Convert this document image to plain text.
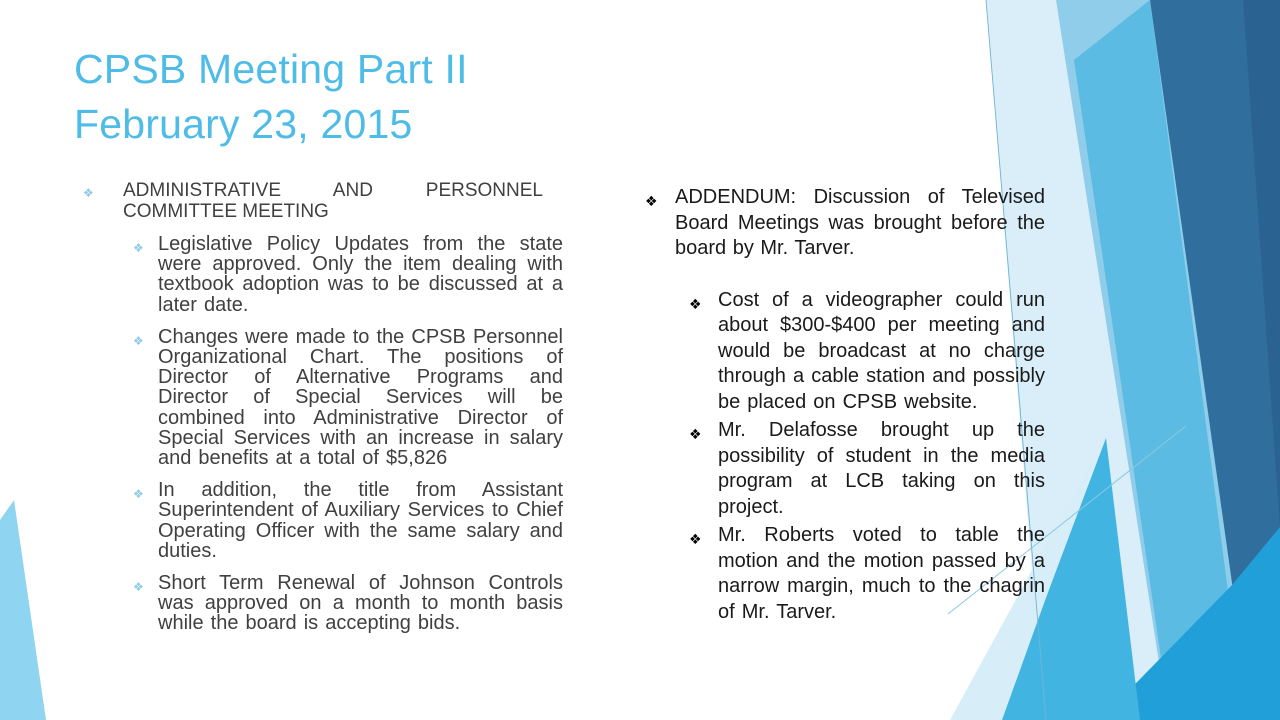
CPSB Meeting Part II
February 23, 2015
❖	ADMINISTRATIVE AND PERSONNEL COMMITTEE MEETING
❖ Legislative Policy Updates from the state were approved. Only the item dealing with textbook adoption was to be discussed at a later date.
❖ Changes were made to the CPSB Personnel Organizational Chart. The positions of Director of Alternative Programs and Director of Special Services will be combined into Administrative Director of Special Services with an increase in salary and benefits at a total of $5,826
❖ In addition, the title from Assistant Superintendent of Auxiliary Services to Chief Operating Officer with the same salary and duties.
❖ Short Term Renewal of Johnson Controls was approved on a month to month basis while the board is accepting bids.
❖ ADDENDUM: Discussion of Televised Board Meetings was brought before the board by Mr. Tarver.
❖ Cost of a videographer could run about $300-$400 per meeting and would be broadcast at no charge through a cable station and possibly be placed on CPSB website.
❖ Mr. Delafosse brought up the possibility of student in the media program at LCB taking on this project.
❖ Mr. Roberts voted to table the motion and the motion passed by a narrow margin, much to the chagrin of Mr. Tarver.
